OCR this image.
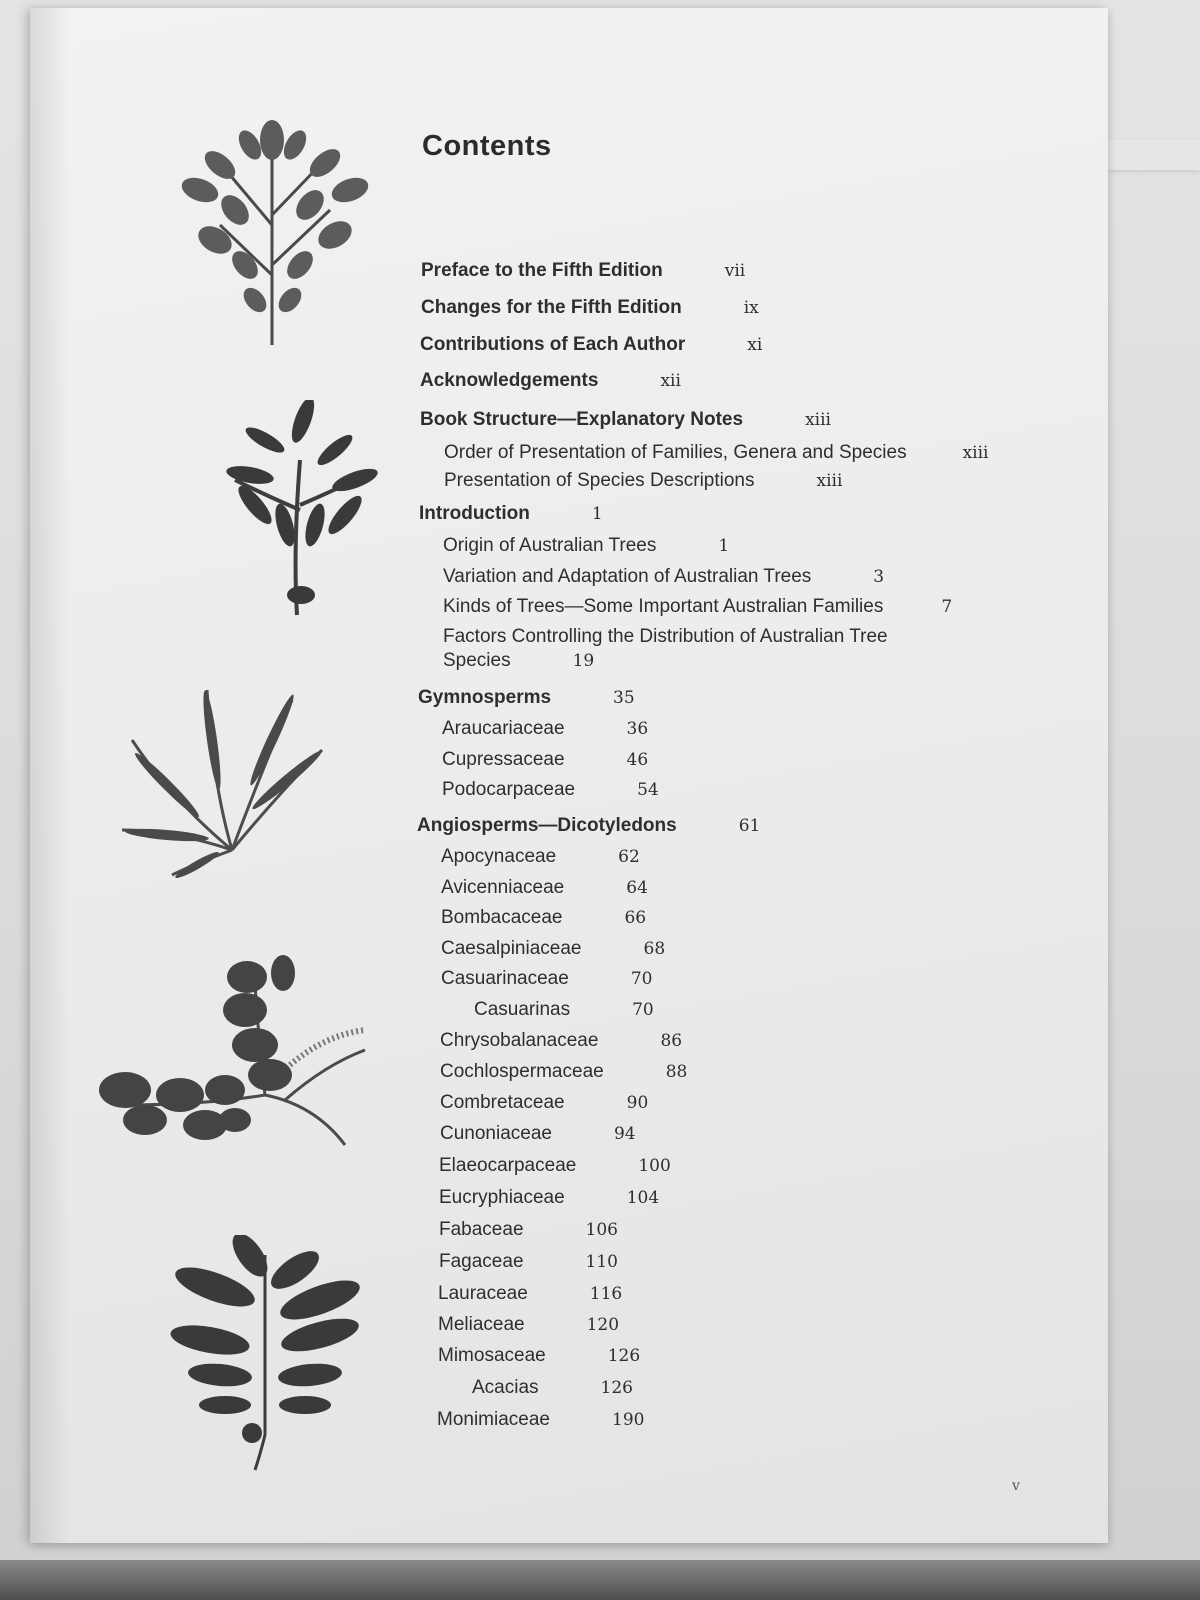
Contents
Preface to the Fifth Edition	vii
Changes for the Fifth Edition	ix
Contributions of Each Author	xi
Acknowledgements	xii
Book Structure—Explanatory Notes	xiii
Order of Presentation of Families, Genera and Species	xiii
Presentation of Species Descriptions	xiii
Introduction	1
Origin of Australian Trees	1
Variation and Adaptation of Australian Trees	3
Kinds of Trees—Some Important Australian Families	7
Factors Controlling the Distribution of Australian Tree
Species	19
Gymnosperms	35
Araucariaceae	36
Cupressaceae	46
Podocarpaceae	54
Angiosperms—Dicotyledons	61
Apocynaceae	62
Avicenniaceae	64
Bombacaceae	66
Caesalpiniaceae	68
Casuarinaceae	70
Casuarinas	70
Chrysobalanaceae	86
Cochlospermaceae	88
Combretaceae	90
Cunoniaceae	94
Elaeocarpaceae	100
Eucryphiaceae	104
Fabaceae	106
Fagaceae	110
Lauraceae	116
Meliaceae	120
Mimosaceae	126
Acacias	126
Monimiaceae	190
v
